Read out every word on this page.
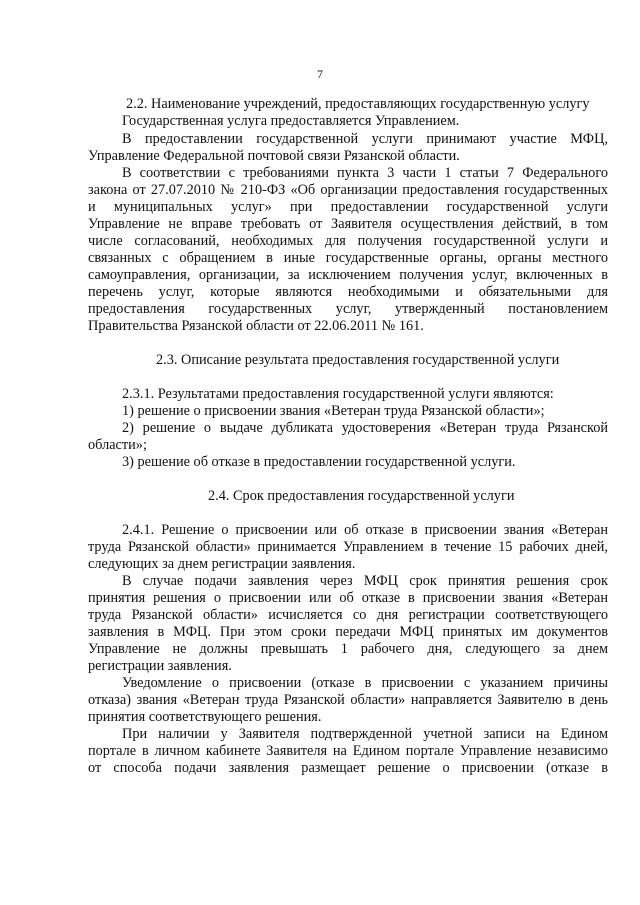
7
2.2. Наименование учреждений, предоставляющих государственную услугу
Государственная услуга предоставляется Управлением.
В предоставлении государственной услуги принимают участие МФЦ,
Управление Федеральной почтовой связи Рязанской области.
В соответствии с требованиями пункта 3 части 1 статьи 7 Федерального
закона от 27.07.2010 № 210-ФЗ «Об организации предоставления государственных
и муниципальных услуг» при предоставлении государственной услуги
Управление не вправе требовать от Заявителя осуществления действий, в том
числе согласований, необходимых для получения государственной услуги и
связанных с обращением в иные государственные органы, органы местного
самоуправления, организации, за исключением получения услуг, включенных в
перечень услуг, которые являются необходимыми и обязательными для
предоставления государственных услуг, утвержденный постановлением
Правительства Рязанской области от 22.06.2011 № 161.
2.3. Описание результата предоставления государственной услуги
2.3.1. Результатами предоставления государственной услуги являются:
1) решение о присвоении звания «Ветеран труда Рязанской области»;
2) решение о выдаче дубликата удостоверения «Ветеран труда Рязанской
области»;
3) решение об отказе в предоставлении государственной услуги.
2.4. Срок предоставления государственной услуги
2.4.1. Решение о присвоении или об отказе в присвоении звания «Ветеран
труда Рязанской области» принимается Управлением в течение 15 рабочих дней,
следующих за днем регистрации заявления.
В случае подачи заявления через МФЦ срок принятия решения срок
принятия решения о присвоении или об отказе в присвоении звания «Ветеран
труда Рязанской области» исчисляется со дня регистрации соответствующего
заявления в МФЦ. При этом сроки передачи МФЦ принятых им документов
Управление не должны превышать 1 рабочего дня, следующего за днем
регистрации заявления.
Уведомление о присвоении (отказе в присвоении с указанием причины
отказа) звания «Ветеран труда Рязанской области» направляется Заявителю в день
принятия соответствующего решения.
При наличии у Заявителя подтвержденной учетной записи на Едином
портале в личном кабинете Заявителя на Едином портале Управление независимо
от способа подачи заявления размещает решение о присвоении (отказе в
